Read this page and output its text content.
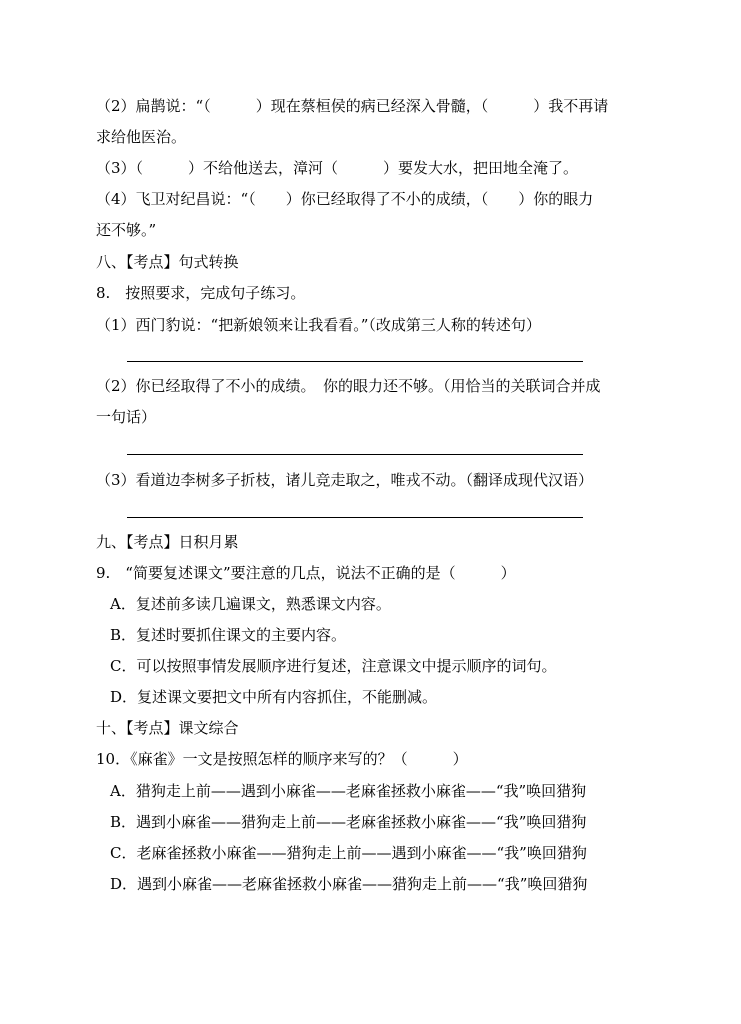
（2）扁鹊说：“（　　　）现在蔡桓侯的病已经深入骨髓，（　　　）我不再请
求给他医治。
（3）（　　　）不给他送去，漳河（　　　）要发大水，把田地全淹了。
（4）飞卫对纪昌说：“（　　）你已经取得了不小的成绩，（　　）你的眼力
还不够。”
八、【考点】句式转换
8.　按照要求，完成句子练习。
（1）西门豹说：“把新娘领来让我看看。”（改成第三人称的转述句）
（2）你已经取得了不小的成绩。　你的眼力还不够。（用恰当的关联词合并成
一句话）
（3）看道边李树多子折枝，诸儿竞走取之，唯戎不动。（翻译成现代汉语）
九、【考点】日积月累
9.　“简要复述课文”要注意的几点，说法不正确的是（　　　）
A．复述前多读几遍课文，熟悉课文内容。
B．复述时要抓住课文的主要内容。
C．可以按照事情发展顺序进行复述，注意课文中提示顺序的词句。
D．复述课文要把文中所有内容抓住，不能删减。
十、【考点】课文综合
10．《麻雀》一文是按照怎样的顺序来写的？（　　　）
A．猎狗走上前——遇到小麻雀——老麻雀拯救小麻雀——“我”唤回猎狗
B．遇到小麻雀——猎狗走上前——老麻雀拯救小麻雀——“我”唤回猎狗
C．老麻雀拯救小麻雀——猎狗走上前——遇到小麻雀——“我”唤回猎狗
D．遇到小麻雀——老麻雀拯救小麻雀——猎狗走上前——“我”唤回猎狗
